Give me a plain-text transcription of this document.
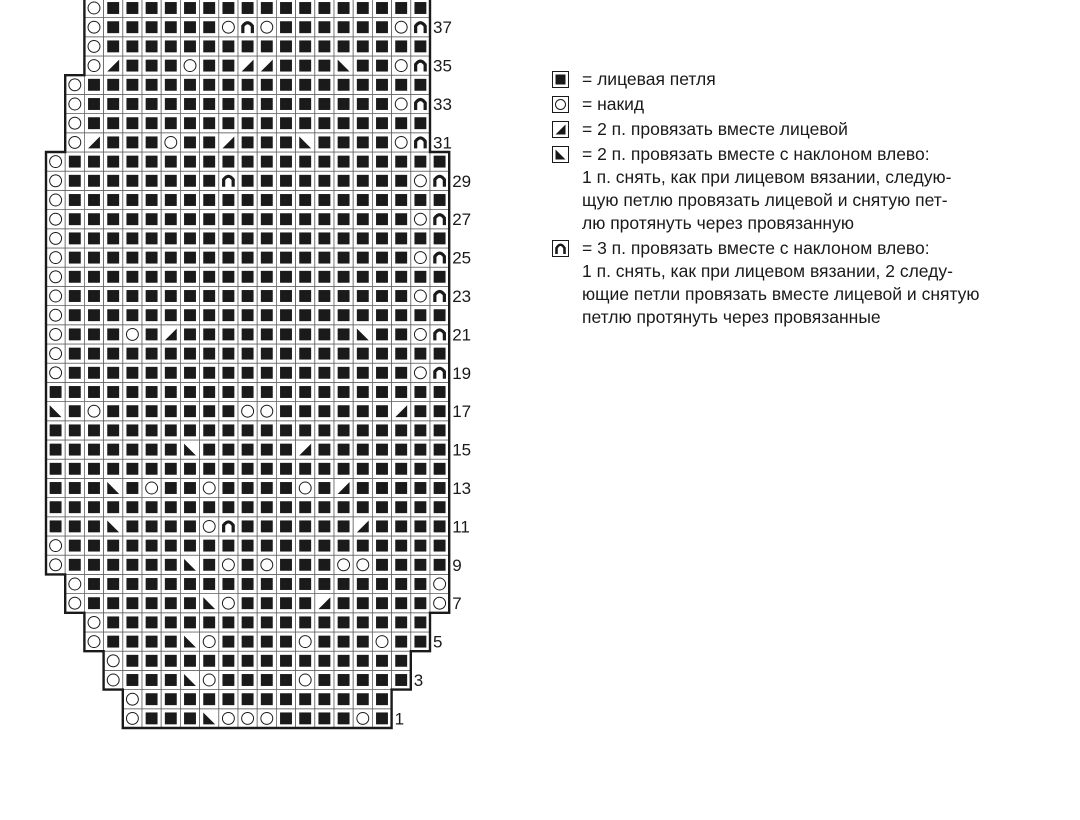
1
3
5
7
9
11
13
15
17
19
21
23
25
27
29
31
33
35
37
= лицевая петля
= накид
= 2 п. провязать вместе лицевой
= 2 п. провязать вместе с наклоном влево:
1 п. снять, как при лицевом вязании, следую-
щую петлю провязать лицевой и снятую пет-
лю протянуть через провязанную
= 3 п. провязать вместе с наклоном влево:
1 п. снять, как при лицевом вязании, 2 следу-
ющие петли провязать вместе лицевой и снятую
петлю протянуть через провязанные
